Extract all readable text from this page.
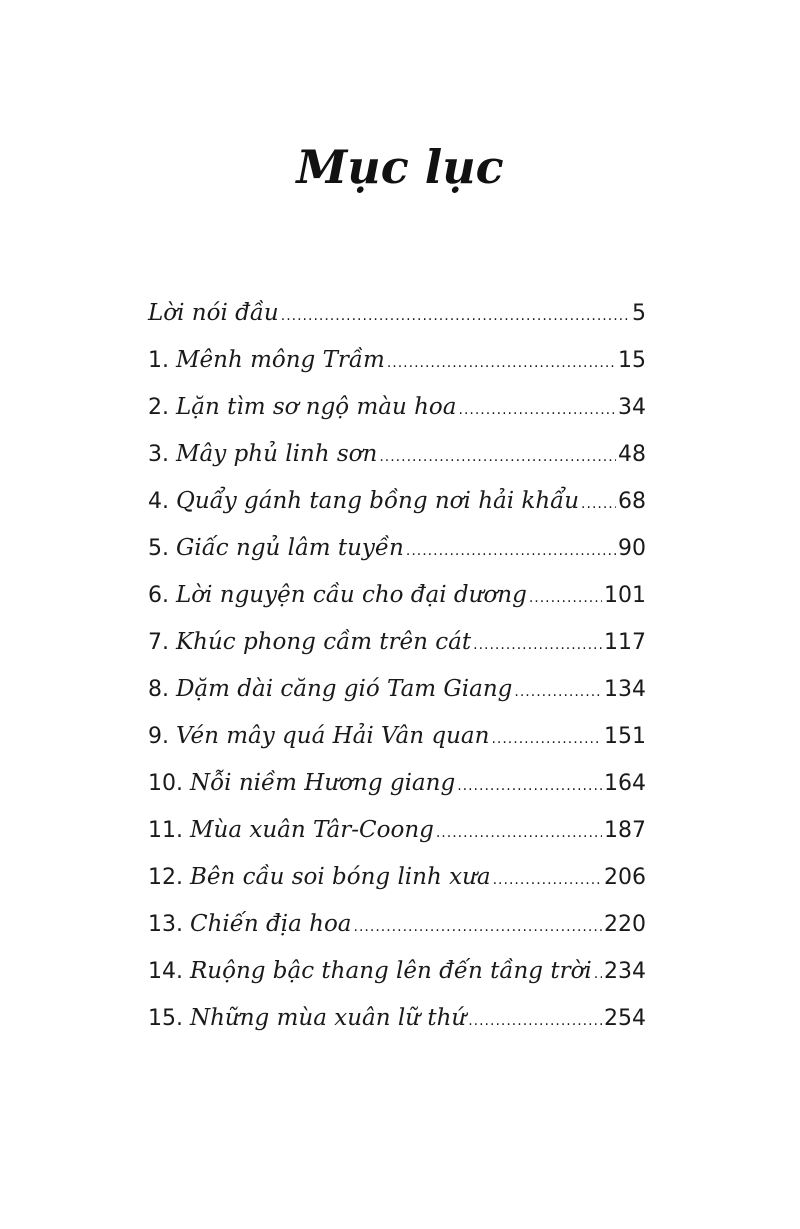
Mục lục
Lời nói đầu .....	5
1. Mênh mông Trầm .....	15
2. Lặn tìm sơ ngộ màu hoa .....	34
3. Mây phủ linh sơn .....	48
4. Quẩy gánh tang bồng nơi hải khẩu ..... 68
5. Giấc ngủ lâm tuyền .....	90
6. Lời nguyện cầu cho đại dương .....	101
7. Khúc phong cầm trên cát .....	117
8. Dặm dài căng gió Tam Giang .....	134
9. Vén mây quá Hải Vân quan .....	151
10. Nỗi niềm Hương giang .....	164
11. Mùa xuân Târ-Coong .....	187
12. Bên cầu soi bóng linh xưa .....	206
13. Chiến địa hoa .....	220
14. Ruộng bậc thang lên đến tầng trời ..... 234
15. Những mùa xuân lữ thứ .....	254
